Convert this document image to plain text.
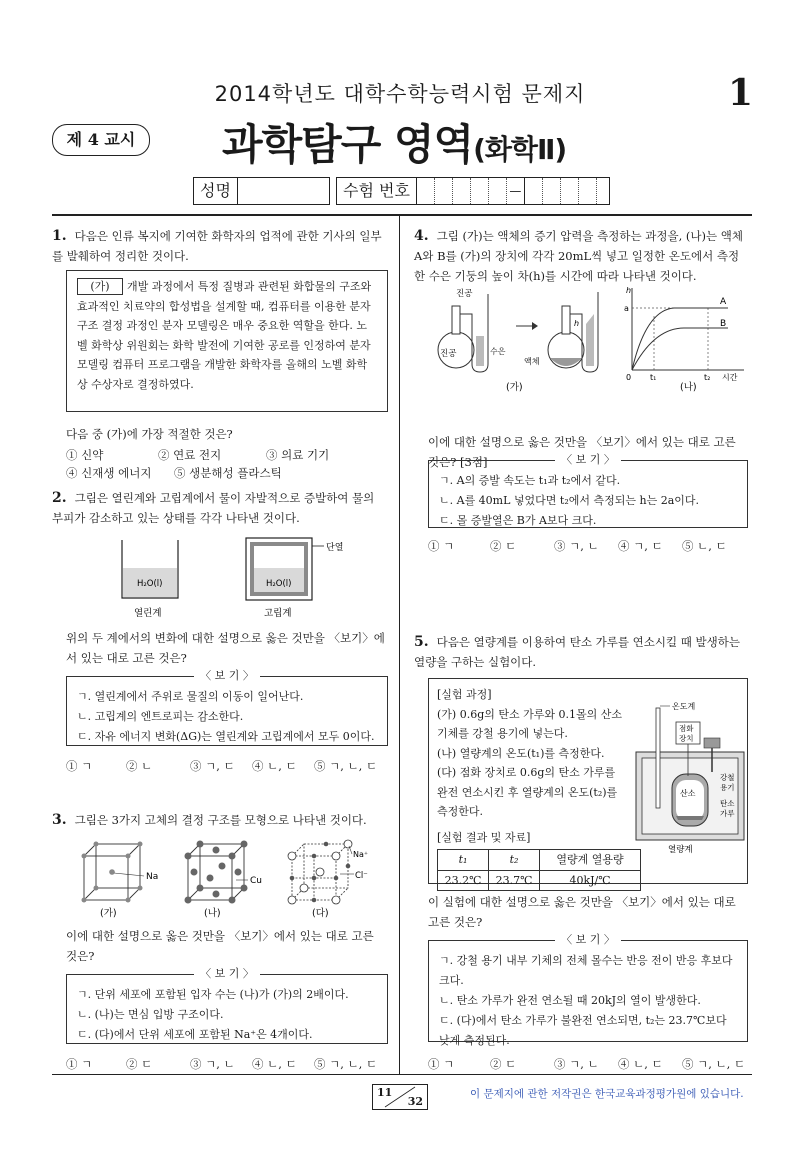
2014학년도 대학수학능력시험 문제지	1
제 4 교시	과학탐구 영역(화학Ⅱ)
성명	수험 번호	—
1. 다음은 인류 복지에 기여한 화학자의 업적에 관한 기사의 일부를 발췌하여 정리한 것이다.
(가) 개발 과정에서 특정 질병과 관련된 화합물의 구조와 효과적인 치료약의 합성법을 설계할 때, 컴퓨터를 이용한 분자 구조 결정 과정인 분자 모델링은 매우 중요한 역할을 한다. 노벨 화학상 위원회는 화학 발전에 기여한 공로를 인정하여 분자 모델링 컴퓨터 프로그램을 개발한 화학자를 올해의 노벨 화학상 수상자로 결정하였다.
다음 중 (가)에 가장 적절한 것은?
① 신약	② 연료 전지	③ 의료 기기
④ 신재생 에너지	⑤ 생분해성 플라스틱
2. 그림은 열린계와 고립계에서 물이 자발적으로 증발하여 물의 부피가 감소하고 있는 상태를 각각 나타낸 것이다.
단열
H₂O(l)	H₂O(l)
열린계	고립계
위의 두 계에서의 변화에 대한 설명으로 옳은 것만을 〈보기〉에서 있는 대로 고른 것은?
〈 보 기 〉
ㄱ. 열린계에서 주위로 물질의 이동이 일어난다.
ㄴ. 고립계의 엔트로피는 감소한다.
ㄷ. 자유 에너지 변화(ΔG)는 열린계와 고립계에서 모두 0이다.
① ㄱ	② ㄴ	③ ㄱ, ㄷ	④ ㄴ, ㄷ	⑤ ㄱ, ㄴ, ㄷ
3. 그림은 3가지 고체의 결정 구조를 모형으로 나타낸 것이다.
Na	Cu
Na⁺
Cl⁻
(가)	(나)	(다)
이에 대한 설명으로 옳은 것만을 〈보기〉에서 있는 대로 고른 것은?
〈 보 기 〉
ㄱ. 단위 세포에 포함된 입자 수는 (나)가 (가)의 2배이다.
ㄴ. (나)는 면심 입방 구조이다.
ㄷ. (다)에서 단위 세포에 포함된 Na⁺은 4개이다.
① ㄱ	② ㄷ	③ ㄱ, ㄴ	④ ㄴ, ㄷ	⑤ ㄱ, ㄴ, ㄷ
4. 그림 (가)는 액체의 증기 압력을 측정하는 과정을, (나)는 액체 A와 B를 (가)의 장치에 각각 20mL씩 넣고 일정한 온도에서 측정한 수은 기둥의 높이 차(h)를 시간에 따라 나타낸 것이다.
진공
진공	수은
액체
h
(가)
h
a
0 t₁	t₂ 시간
A
B
(나)
이에 대한 설명으로 옳은 것만을 〈보기〉에서 있는 대로 고른 것은? [3점]	〈 보 기 〉
ㄱ. A의 증발 속도는 t₁과 t₂에서 같다.
ㄴ. A를 40mL 넣었다면 t₂에서 측정되는 h는 2a이다.
ㄷ. 몰 증발열은 B가 A보다 크다.
① ㄱ	② ㄷ	③ ㄱ, ㄴ	④ ㄱ, ㄷ	⑤ ㄴ, ㄷ
5. 다음은 열량계를 이용하여 탄소 가루를 연소시킬 때 발생하는 열량을 구하는 실험이다.
[실험 과정]
(가) 0.6g의 탄소 가루와 0.1몰의 산소 기체를 강철 용기에 넣는다.
(나) 열량계의 온도(t₁)를 측정한다.
(다) 점화 장치로 0.6g의 탄소 가루를 완전 연소시킨 후 열량계의 온도(t₂)를 측정한다.
[실험 결과 및 자료]
t₁	t₂	열량계 열용량
23.2℃	23.7℃	40kJ/℃
온도계
점화
장치
산소
강철
용기
탄소
가루
열량계
이 실험에 대한 설명으로 옳은 것만을 〈보기〉에서 있는 대로 고른 것은?
〈 보 기 〉
ㄱ. 강철 용기 내부 기체의 전체 몰수는 반응 전이 반응 후보다 크다.
ㄴ. 탄소 가루가 완전 연소될 때 20kJ의 열이 발생한다.
ㄷ. (다)에서 탄소 가루가 불완전 연소되면, t₂는 23.7℃보다 낮게 측정된다.
① ㄱ	② ㄷ	③ ㄱ, ㄴ	④ ㄴ, ㄷ	⑤ ㄱ, ㄴ, ㄷ
11
32
이 문제지에 관한 저작권은 한국교육과정평가원에 있습니다.
